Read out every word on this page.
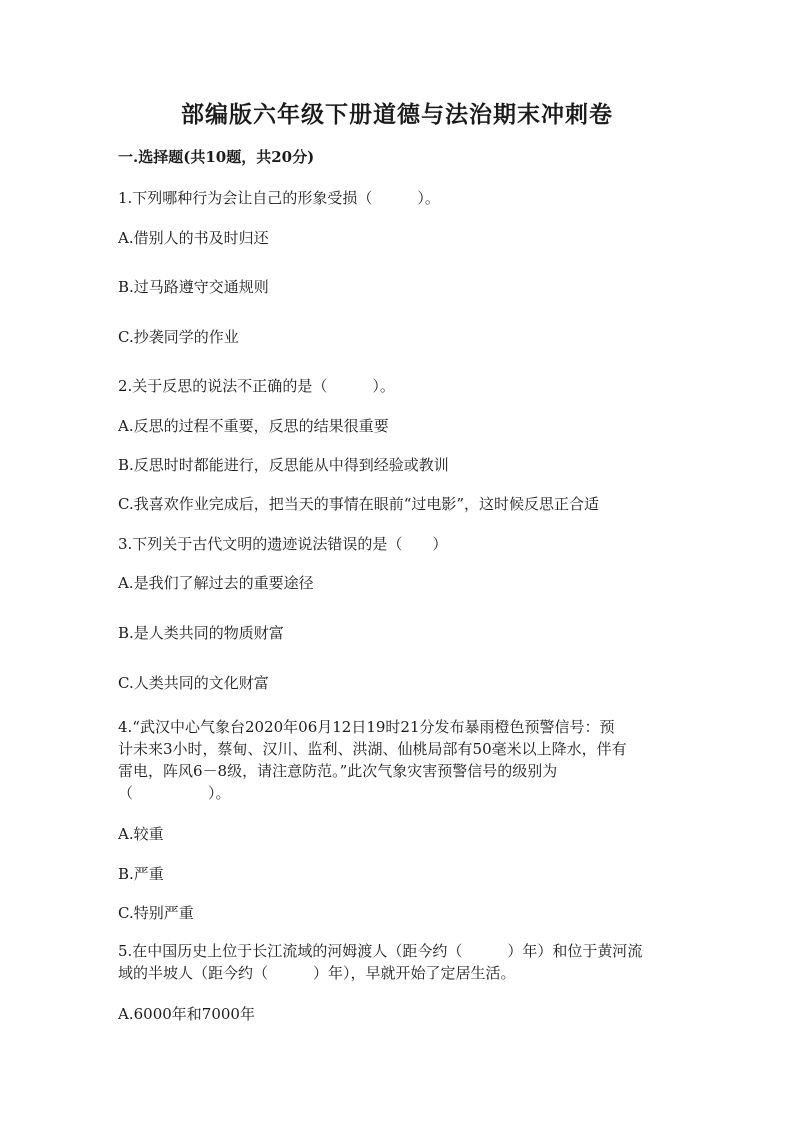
部编版六年级下册道德与法治期末冲刺卷
一.选择题(共10题，共20分)
1.下列哪种行为会让自己的形象受损（　　　）。
A.借别人的书及时归还
B.过马路遵守交通规则
C.抄袭同学的作业
2.关于反思的说法不正确的是（　　　）。
A.反思的过程不重要，反思的结果很重要
B.反思时时都能进行，反思能从中得到经验或教训
C.我喜欢作业完成后，把当天的事情在眼前“过电影”，这时候反思正合适
3.下列关于古代文明的遗迹说法错误的是（　　）
A.是我们了解过去的重要途径
B.是人类共同的物质财富
C.人类共同的文化财富
4.“武汉中心气象台2020年06月12日19时21分发布暴雨橙色预警信号：预
计未来3小时，蔡甸、汉川、监利、洪湖、仙桃局部有50毫米以上降水，伴有
雷电，阵风6－8级，请注意防范。”此次气象灾害预警信号的级别为
（　　　　　）。
A.较重
B.严重
C.特别严重
5.在中国历史上位于长江流域的河姆渡人（距今约（　　　）年）和位于黄河流
域的半坡人（距今约（　　　）年），早就开始了定居生活。
A.6000年和7000年
